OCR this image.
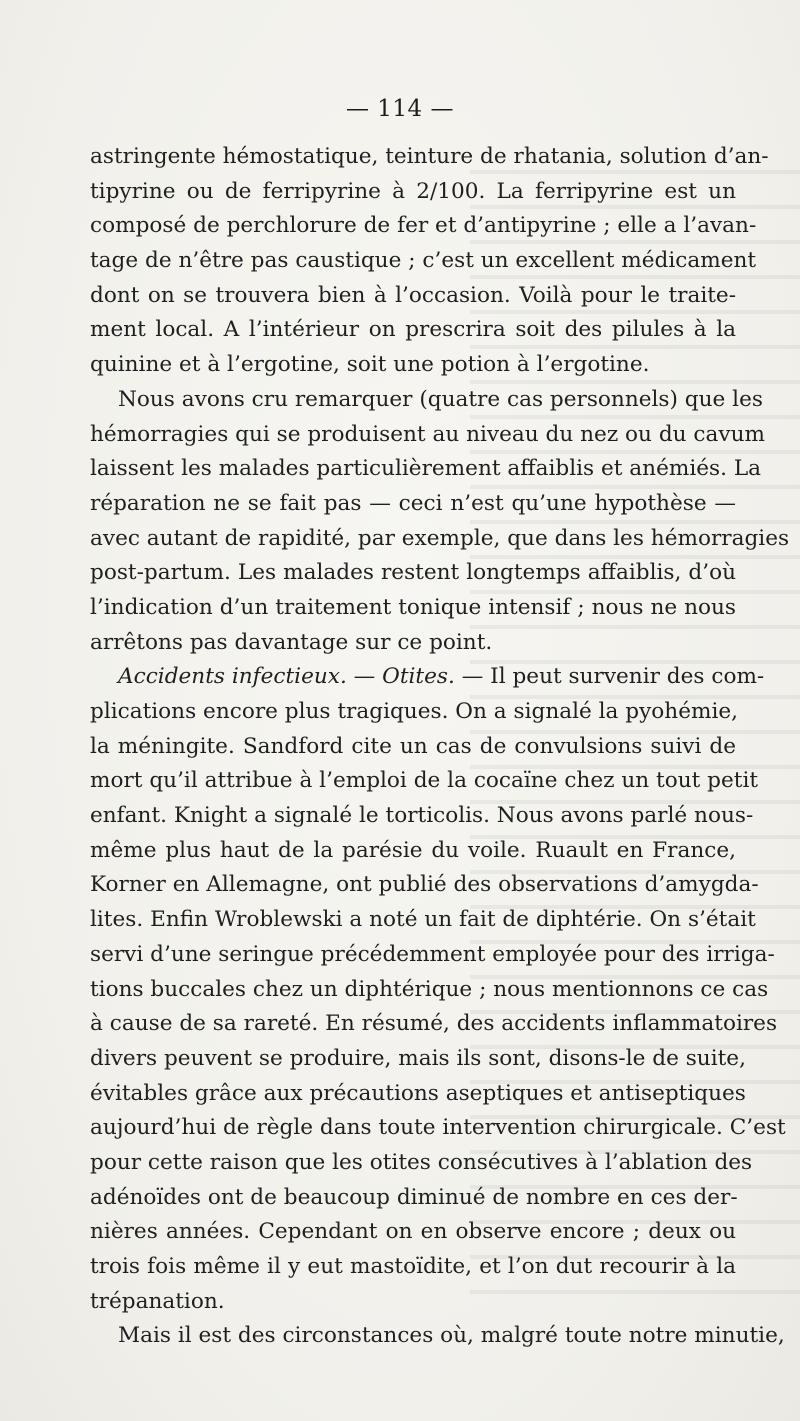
— 114 —
astringente hémostatique, teinture de rhatania, solution d’an-
tipyrine ou de ferripyrine à 2/100. La ferripyrine est un
composé de perchlorure de fer et d’antipyrine ; elle a l’avan-
tage de n’être pas caustique ; c’est un excellent médicament
dont on se trouvera bien à l’occasion. Voilà pour le traite-
ment local. A l’intérieur on prescrira soit des pilules à la
quinine et à l’ergotine, soit une potion à l’ergotine.
Nous avons cru remarquer (quatre cas personnels) que les
hémorragies qui se produisent au niveau du nez ou du cavum
laissent les malades particulièrement affaiblis et anémiés. La
réparation ne se fait pas — ceci n’est qu’une hypothèse —
avec autant de rapidité, par exemple, que dans les hémorragies
post-partum. Les malades restent longtemps affaiblis, d’où
l’indication d’un traitement tonique intensif ; nous ne nous
arrêtons pas davantage sur ce point.
Accidents infectieux. — Otites. — Il peut survenir des com-
plications encore plus tragiques. On a signalé la pyohémie,
la méningite. Sandford cite un cas de convulsions suivi de
mort qu’il attribue à l’emploi de la cocaïne chez un tout petit
enfant. Knight a signalé le torticolis. Nous avons parlé nous-
même plus haut de la parésie du voile. Ruault en France,
Korner en Allemagne, ont publié des observations d’amygda-
lites. Enfin Wroblewski a noté un fait de diphtérie. On s’était
servi d’une seringue précédemment employée pour des irriga-
tions buccales chez un diphtérique ; nous mentionnons ce cas
à cause de sa rareté. En résumé, des accidents inflammatoires
divers peuvent se produire, mais ils sont, disons-le de suite,
évitables grâce aux précautions aseptiques et antiseptiques
aujourd’hui de règle dans toute intervention chirurgicale. C’est
pour cette raison que les otites consécutives à l’ablation des
adénoïdes ont de beaucoup diminué de nombre en ces der-
nières années. Cependant on en observe encore ; deux ou
trois fois même il y eut mastoïdite, et l’on dut recourir à la
trépanation.
Mais il est des circonstances où, malgré toute notre minutie,
